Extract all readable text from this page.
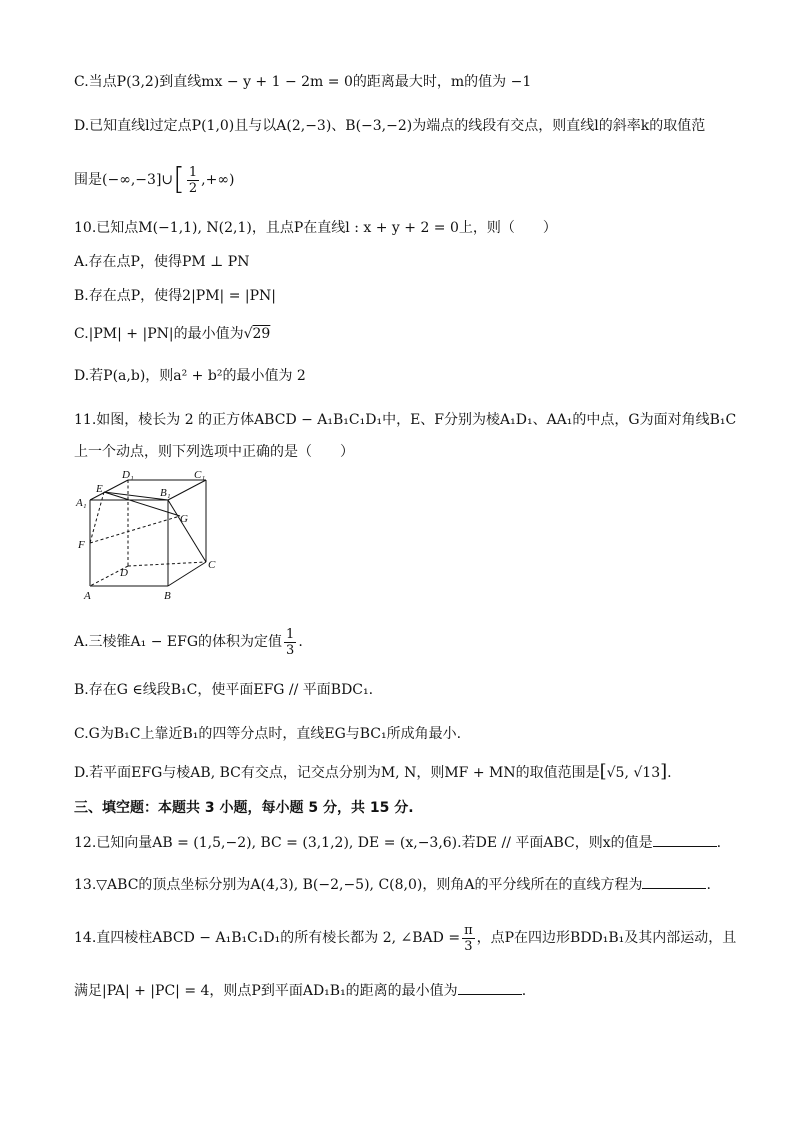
C.当点P(3,2)到直线mx − y + 1 − 2m = 0的距离最大时，m的值为 −1
D.已知直线l过定点P(1,0)且与以A(2,−3)、B(−3,−2)为端点的线段有交点，则直线l的斜率k的取值范
围是(−∞,−3]∪[ $\frac{1}{2}$ ,+∞)
10.已知点M(−1,1), N(2,1)，且点P在直线l : x + y + 2 = 0上，则（　　）
A.存在点P，使得PM ⊥ PN
B.存在点P，使得2|PM| = |PN|
C.|PM| + |PN|的最小值为√29
D.若P(a,b)，则a² + b²的最小值为 2
11.如图，棱长为 2 的正方体ABCD − A₁B₁C₁D₁中，E、F分别为棱A₁D₁、AA₁的中点，G为面对角线B₁C
上一个动点，则下列选项中正确的是（　　）
D₁	C₁
E	B₁
A₁
G
F
D
C
A	B
A.三棱锥A₁ − EFG的体积为定值 $\frac{1}{3}$ .
B.存在G ∈线段B₁C，使平面EFG // 平面BDC₁.
C.G为B₁C上靠近B₁的四等分点时，直线EG与BC₁所成角最小.
D.若平面EFG与棱AB, BC有交点，记交点分别为M, N，则MF + MN的取值范围是[√5, √13].
三、填空题：本题共 3 小题，每小题 5 分，共 15 分.
12.已知向量AB = (1,5,−2), BC = (3,1,2), DE = (x,−3,6).若DE // 平面ABC，则x的值是	.
13.▽ABC的顶点坐标分别为A(4,3), B(−2,−5), C(8,0)，则角A的平分线所在的直线方程为	.
14.直四棱柱ABCD − A₁B₁C₁D₁的所有棱长都为 2, ∠BAD = $\frac{\pi}{3}$ ，点P在四边形BDD₁B₁及其内部运动，且
满足|PA| + |PC| = 4，则点P到平面AD₁B₁的距离的最小值为	.
